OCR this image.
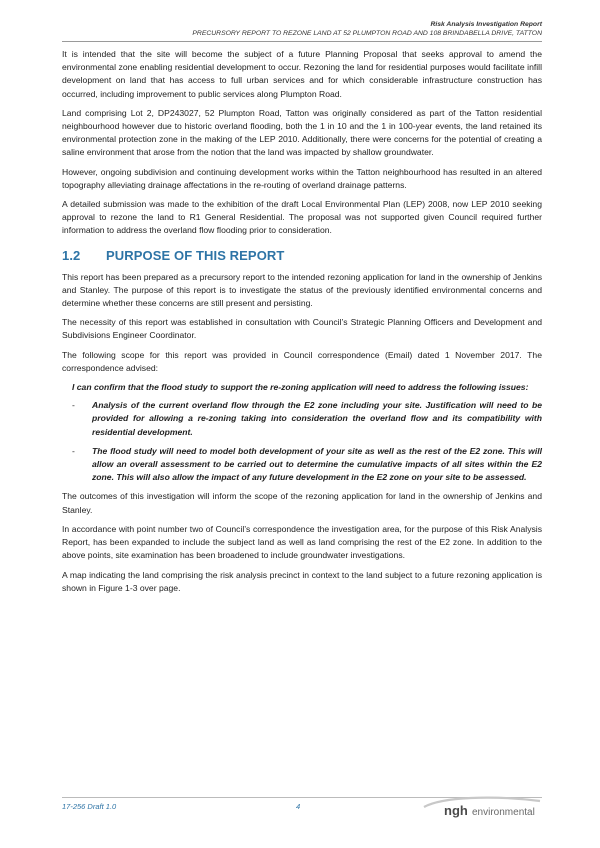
Risk Analysis Investigation Report
PRECURSORY REPORT TO REZONE LAND AT 52 PLUMPTON ROAD AND 108 BRINDABELLA DRIVE, TATTON

It is intended that the site will become the subject of a future Planning Proposal that seeks approval to amend the environmental zone enabling residential development to occur. Rezoning the land for residential purposes would facilitate infill development on land that has access to full urban services and for which considerable infrastructure construction has occurred, including improvement to public services along Plumpton Road.

Land comprising Lot 2, DP243027, 52 Plumpton Road, Tatton was originally considered as part of the Tatton residential neighbourhood however due to historic overland flooding, both the 1 in 10 and the 1 in 100-year events, the land retained its environmental protection zone in the making of the LEP 2010. Additionally, there were concerns for the potential of creating a saline environment that arose from the notion that the land was impacted by shallow groundwater.

However, ongoing subdivision and continuing development works within the Tatton neighbourhood has resulted in an altered topography alleviating drainage affectations in the re-routing of overland drainage patterns.

A detailed submission was made to the exhibition of the draft Local Environmental Plan (LEP) 2008, now LEP 2010 seeking approval to rezone the land to R1 General Residential. The proposal was not supported given Council required further information to address the overland flow flooding prior to consideration.

1.2 PURPOSE OF THIS REPORT

This report has been prepared as a precursory report to the intended rezoning application for land in the ownership of Jenkins and Stanley. The purpose of this report is to investigate the status of the previously identified environmental concerns and determine whether these concerns are still present and persisting.

The necessity of this report was established in consultation with Council’s Strategic Planning Officers and Development and Subdivisions Engineer Coordinator.

The following scope for this report was provided in Council correspondence (Email) dated 1 November 2017. The correspondence advised:

I can confirm that the flood study to support the re-zoning application will need to address the following issues:

- Analysis of the current overland flow through the E2 zone including your site. Justification will need to be provided for allowing a re-zoning taking into consideration the overland flow and its compatibility with residential development.
- The flood study will need to model both development of your site as well as the rest of the E2 zone. This will allow an overall assessment to be carried out to determine the cumulative impacts of all sites within the E2 zone. This will also allow the impact of any future development in the E2 zone on your site to be assessed.

The outcomes of this investigation will inform the scope of the rezoning application for land in the ownership of Jenkins and Stanley.

In accordance with point number two of Council’s correspondence the investigation area, for the purpose of this Risk Analysis Report, has been expanded to include the subject land as well as land comprising the rest of the E2 zone. In addition to the above points, site examination has been broadened to include groundwater investigations.

A map indicating the land comprising the risk analysis precinct in context to the land subject to a future rezoning application is shown in Figure 1-3 over page.

17-256 Draft 1.0	4	ngh environmental
